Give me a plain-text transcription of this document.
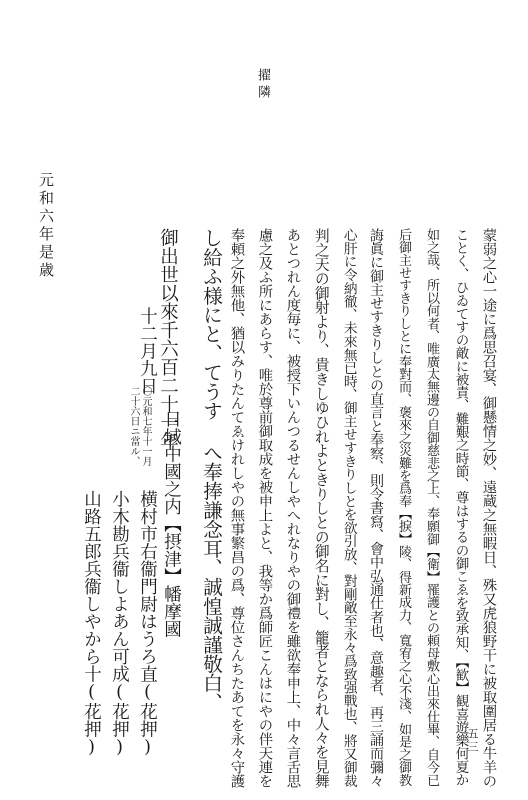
擢隣
元和六年是歳
五三 蒙弱之心一途に爲思召宴、御懸情之妙、遠蔵之無暇日、殊又虎狼野干に被取圍居る牛羊の
ことく、ひゐてすの敵に被責、難艱之時節、尊はするの御こゑを致承知、【歓】観喜遊樂何夏か
如之哉、所以何者、唯廣太無邊の自御慈悲之上、奉願御【衛】罹護との頼母敷心出來仕畢、自今已
后御主せすきりしとに奉對而、褒來之災難を爲奉【捩】陵、得新成力、寬宥之心不淺、如是之御教
誨眞に御主せすきりしとの直言と奉察、則令書寫、會中弘通仕者也、意趣者、再三誦而彌々
心肝に令納徹、未來無已時、御主せすきりしとを欲引放、對剛敵至永々爲致强戰也、將又御裁
判之天の御射より、貴きしゆひれよときりしとの御名に對し、籠者となられ人々を見舞
あとつれん度毎に、被授下いんつるせんしやへれなりやの御禮を雖欲奉申上、中々言舌思
慮之及ふ所にあらす、唯於尊前御取成を被申上よと、我等か爲師匠こんはにやの伴天連を
奉頼之外無他、猶以みりたんてゑけれしやの無事繁昌の爲、尊位さんちたあてを永々守護
し給ふ様にと、てうす へ奉捧謙念耳、誠惶誠謹敬白、
御出世以來千六百二十一年
十二月九日
〇元和七年十一月
二十六日ニ當ル、 日域中國之内【摂津】幡摩國
山路五郎兵衞しやから十(花押) 小木勘兵衞しよあん可成(花押) 横村市右衞門尉はうろ直(花押)
